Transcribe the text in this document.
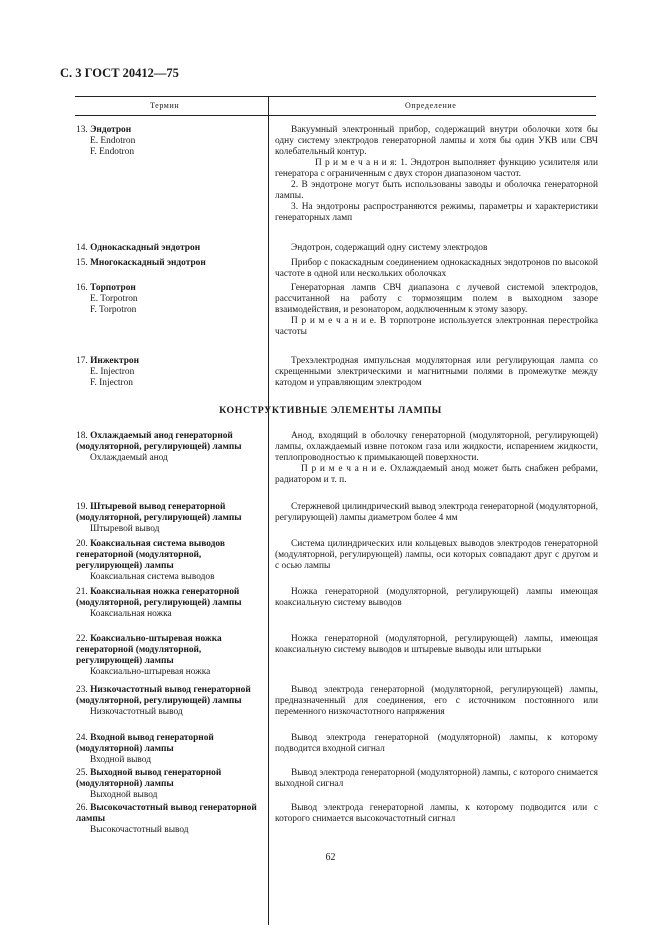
С. 3 ГОСТ 20412—75
Термин	Определение
13. Эндотрон
E. Endotron
F. Endotron
14. Однокаскадный эндотрон
15. Многокаскадный эндотрон
16. Торпотрон
E. Torpotron
F. Torpotron
17. Инжектрон
E. Injectron
F. Injectron
КОНСТРУКТИВНЫЕ ЭЛЕМЕНТЫ ЛАМПЫ
18. Охлаждаемый анод генераторной (модуляторной, регулирующей) лампы
Охлаждаемый анод
19. Штыревой вывод генераторной (модуляторной, регулирующей) лампы
Штыревой вывод
20. Коаксиальная система выводов генераторной (модуляторной, регулирующей) лампы
Коаксиальная система выводов
21. Коаксиальная ножка генераторной (модуляторной, регулирующей) лампы
Коаксиальная ножка
22. Коаксиально-штыревая ножка генераторной (модуляторной, регулирующей) лампы
Коаксиально-штыревая ножка
23. Низкочастотный вывод генераторной (модуляторной, регулирующей) лампы
Низкочастотный вывод
24. Входной вывод генераторной (модуляторной) лампы
Входной вывод
25. Выходной вывод генераторной (модуляторной) лампы
Выходной вывод
26. Высокочастотный вывод генераторной лампы
Высокочастотный вывод

Вакуумный электронный прибор, содержащий внутри оболочки хотя бы одну систему электродов генераторной лампы и хотя бы один УКВ или СВЧ колебательный контур.

П р и м е ч а н и я: 1. Эндотрон выполняет функцию усилителя или генератора с ограниченным с двух сторон диапазоном частот.

2. В эндотроне могут быть использованы заводы и оболочка генераторной лампы.

3. На эндотроны распространяются режимы, параметры и характеристики генераторных ламп

Эндотрон, содержащий одну систему электродов

Прибор с покаскадным соединением однокаскадных эндотронов по высокой частоте в одной или нескольких оболочках

Генераторная лампв СВЧ диапазона с лучевой системой электродов, рассчитанной на работу с тормозящим полем в выходном зазоре взаимодействия, и резонатором, аодключенным к этому зазору.

П р и м е ч а н и е. В торпотроне используется электронная перестройка частоты

Трехэлектродная импульсная модуляторная или регулирующая лампа со скрещенными электрическими и магнитными полями в промежутке между катодом и управляющим электродом

Анод, входящий в оболочку генераторной (модуляторной, регулирующей) лампы, охлаждаемый извне потоком газа или жидкости, испарением жидкости, теплопроводностью к примыкающей поверхности.

П р и м е ч а н и е. Охлаждаемый анод может быть снабжен ребрами, радиатором и т. п.

Стержневой цилиндрический вывод электрода генераторной (модуляторной, регулирующей) лампы диаметром более 4 мм

Система цилиндрических или кольцевых выводов электродов генераторной (модуляторной, регулирующей) лампы, оси которых совпадают друг с другом и с осью лампы

Ножка генераторной (модуляторной, регулирующей) лампы имеющая коаксиальную систему выводов

Ножка генераторной (модуляторной, регулирующей) лампы, имеющая коаксиальную систему выводов и штыревые выводы или штырьки

Вывод электрода генераторной (модуляторной, регулирующей) лампы, предназначенный для соединения, его с источником постоянного или переменного низкочастотного напряжения

Вывод электрода генераторной (модуляторной) лампы, к которому подводится входной сигнал

Вывод электрода генераторной (модуляторной) лампы, с которого снимается выходной сигнал

Вывод электрода генераторной лампы, к которому подводится или с которого снимается высокочастотный сигнал

62
